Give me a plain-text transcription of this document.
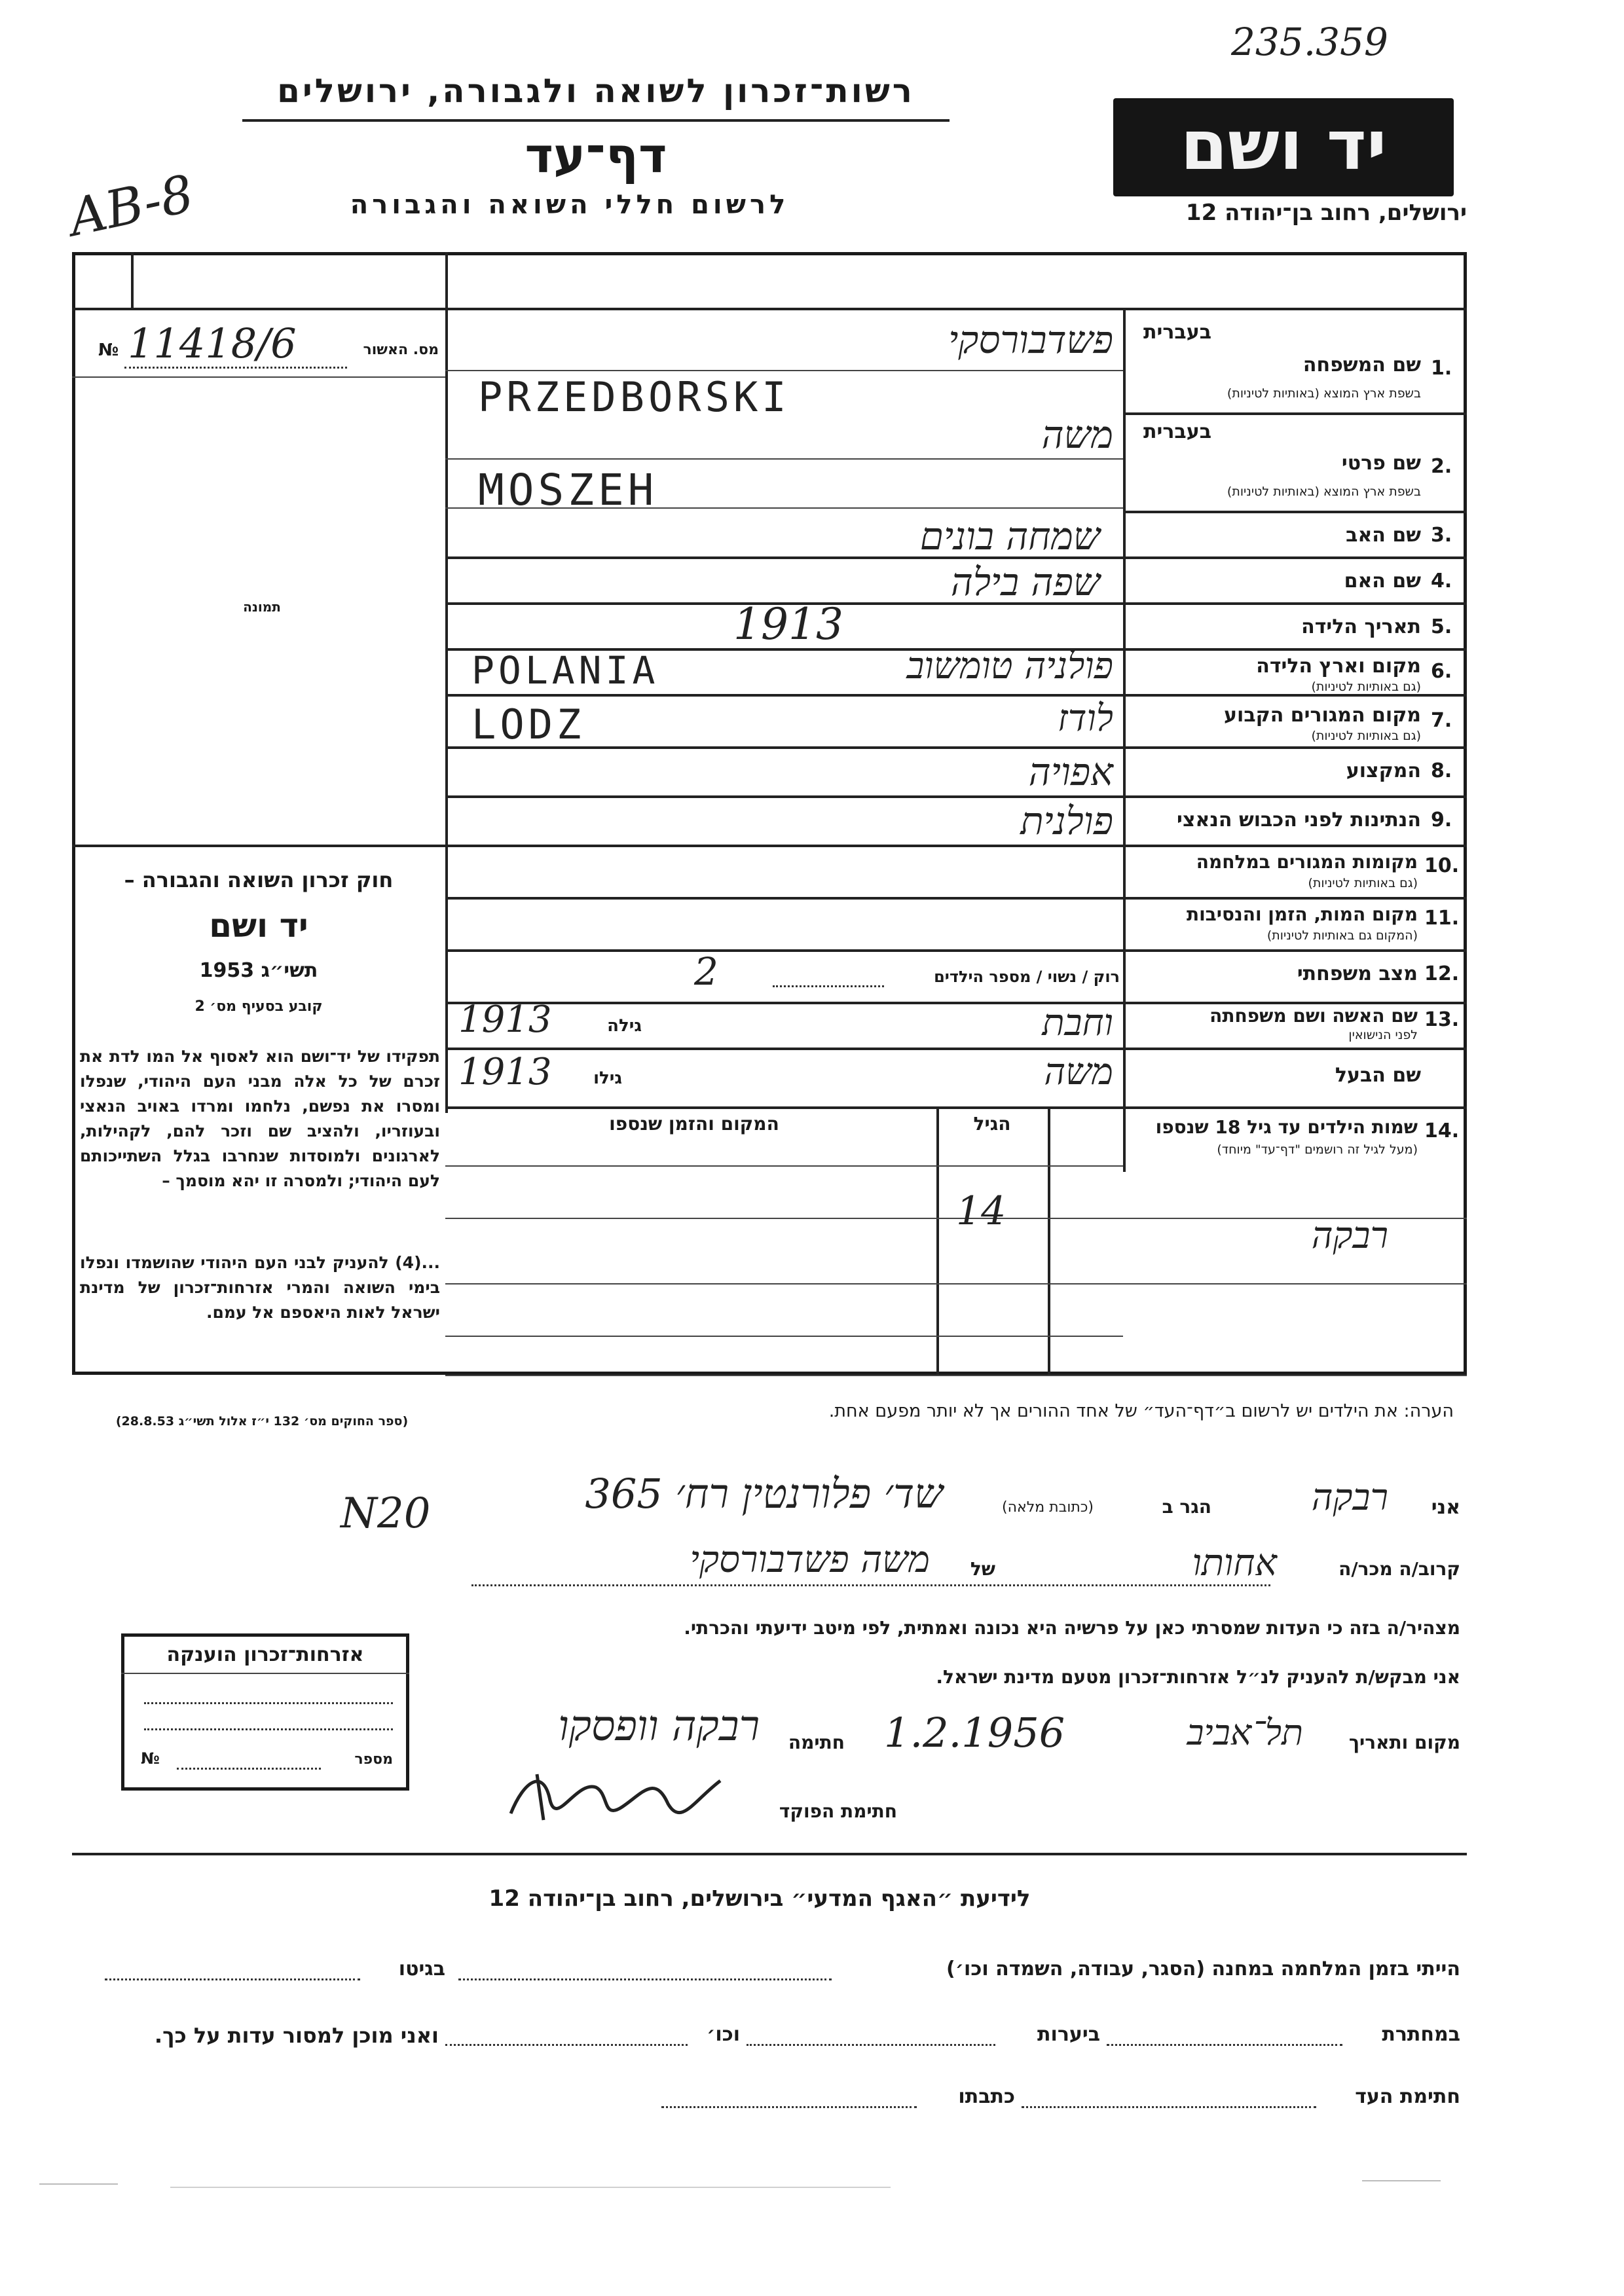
235.359
AB-8
רשות־זכרון לשואה ולגבורה, ירושלים
דף־עד
לרשום חללי השואה והגבורה
יד ושם
ירושלים, רחוב בן־יהודה 12
מס. האשור
№ 11418/6
תמונה
חוק זכרון השואה והגבורה –
יד ושם
תשי״ג 1953
קובע בסעיף מס׳ 2
תפקידו של יד־ושם הוא לאסוף אל המו לדת את זכרם של כל אלה מבני העם היהודי, שנפלו ומסרו את נפשם, נלחמו ומרדו באויב הנאצי ובעוזריו, ולהציב שם וזכר להם, לקהילות, לארגונים ולמוסדות שנחרבו בגלל השתייכותם לעם היהודי; ולמסרה זו יהא מוסמך –
...(4) להעניק לבני העם היהודי שהושמדו ונפלו בימי השואה והמרי אזרחות־זכרון של מדינת ישראל לאות היאספם אל עמם.
(ספר החוקים מס׳ 132 י״ז אלול תשי״ג 28.8.53)
בעברית
1.
שם המשפחה
בשפת ארץ המוצא (באותיות לטיניות)
פשדבורסקי
PRZEDBORSKI
בעברית
2.
שם פרטי
בשפת ארץ המוצא (באותיות לטיניות)
משה
MOSZEH
3.
שם האב
שמחה בונים
4.
שם האם
שפה בילה
5.
תאריך הלידה
1913
6.
מקום וארץ הלידה
(גם באותיות לטיניות)
POLANIA	פולניה טומשוב
7.
מקום המגורים הקבוע
(גם באותיות לטיניות)
LODZ	לודז
8.
המקצוע
אפויה
9.
הנתינות לפני הכבוש הנאצי
פולנית
10.
מקומות המגורים במלחמה
(גם באותיות לטיניות)
11.
מקום המות, הזמן והנסיבות
(המקום גם באותיות לטיניות)
12.
מצב משפחתי
רוק / נשוי / מספר הילדים
2
13.
שם האשה ושם משפחתה
לפני הנישואין
וחבת
גילה
1913
שם הבעל
משה
גילו
1913
14.
שמות הילדים עד גיל 18 שנספו
(מעל לגיל זה רושמים "דף־עד" מיוחד)
הגיל
המקום והזמן שנספו
רבקה
14
הערה: את הילדים יש לרשום ב״דף־העד״ של אחד ההורים אך לא יותר מפעם אחת.
אני
רבקה
הגר ב
(כתובת מלאה)
שד׳ פלורנטין רח׳ 365
N20
קרוב/ה מכר/ה
אחותו
של
משה פשדבורסקי
מצהיר/ה בזה כי העדות שמסרתי כאן על פרשיה היא נכונה ואמתית, לפי מיטב ידיעתי והכרתי.
אני מבקש/ת להעניק לנ״ל אזרחות־זכרון מטעם מדינת ישראל.
מקום ותאריך
תל־אביב
1.2.1956
חתימה
רבקה וופסקו
חתימת הפוקד
אזרחות־זכרון הוענקה
מספר
№
לידיעת ״האגף המדעי״ בירושלים, רחוב בן־יהודה 12
הייתי בזמן המלחמה במחנה (הסגר, עבודה, השמדה וכו׳)
בגיטו
במחתרת
ביערות
וכו׳
ואני מוכן למסור עדות על כך.
חתימת העד
כתבתו
